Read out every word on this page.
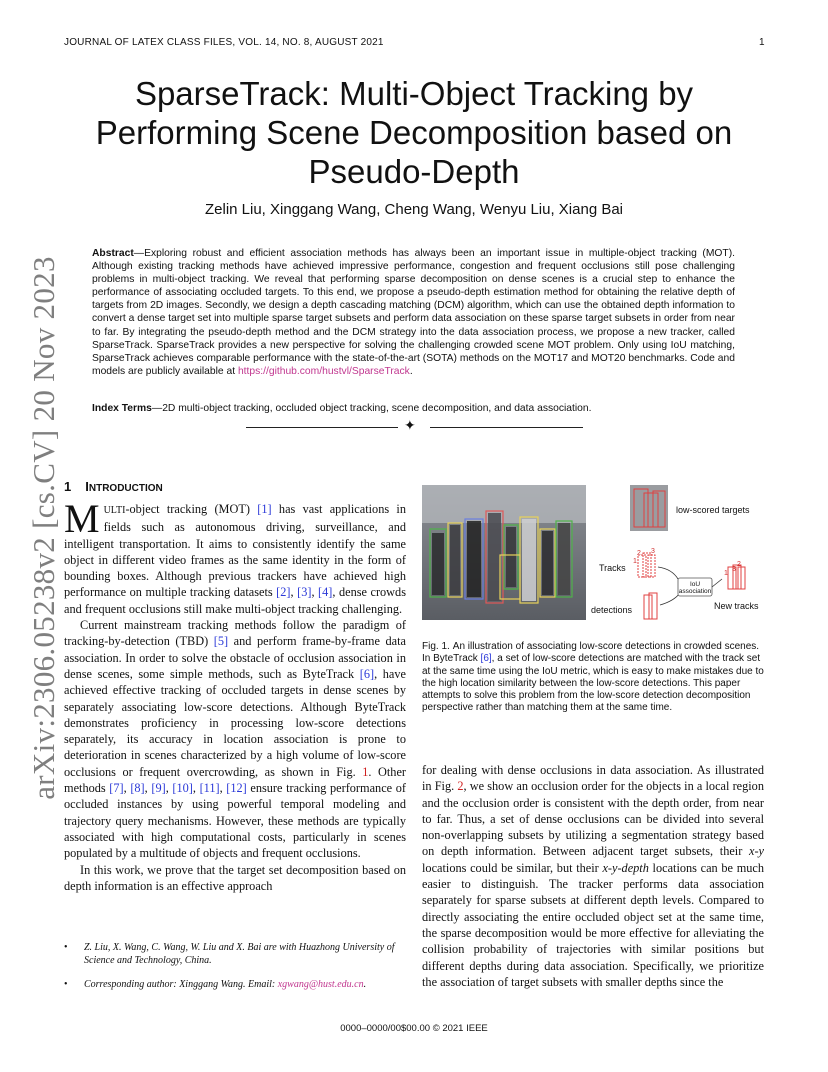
JOURNAL OF LATEX CLASS FILES, VOL. 14, NO. 8, AUGUST 2021	1
arXiv:2306.05238v2 [cs.CV] 20 Nov 2023
SparseTrack: Multi-Object Tracking by Performing Scene Decomposition based on Pseudo-Depth
Zelin Liu, Xinggang Wang, Cheng Wang, Wenyu Liu, Xiang Bai
Abstract—Exploring robust and efficient association methods has always been an important issue in multiple-object tracking (MOT). Although existing tracking methods have achieved impressive performance, congestion and frequent occlusions still pose challenging problems in multi-object tracking. We reveal that performing sparse decomposition on dense scenes is a crucial step to enhance the performance of associating occluded targets. To this end, we propose a pseudo-depth estimation method for obtaining the relative depth of targets from 2D images. Secondly, we design a depth cascading matching (DCM) algorithm, which can use the obtained depth information to convert a dense target set into multiple sparse target subsets and perform data association on these sparse target subsets in order from near to far. By integrating the pseudo-depth method and the DCM strategy into the data association process, we propose a new tracker, called SparseTrack. SparseTrack provides a new perspective for solving the challenging crowded scene MOT problem. Only using IoU matching, SparseTrack achieves comparable performance with the state-of-the-art (SOTA) methods on the MOT17 and MOT20 benchmarks. Code and models are publicly available at https://github.com/hustvl/SparseTrack.
Index Terms—2D multi-object tracking, occluded object tracking, scene decomposition, and data association.
✦
1 INTRODUCTION

MULTI-object tracking (MOT) [1] has vast applications in fields such as autonomous driving, surveillance, and intelligent transportation. It aims to consistently identify the same object in different video frames as the same identity in the form of bounding boxes. Although previous trackers have achieved high performance on multiple tracking datasets [2], [3], [4], dense crowds and frequent occlusions still make multi-object tracking challenging.

Current mainstream tracking methods follow the paradigm of tracking-by-detection (TBD) [5] and perform frame-by-frame data association. In order to solve the obstacle of occlusion association in dense scenes, some simple methods, such as ByteTrack [6], have achieved effective tracking of occluded targets in dense scenes by separately associating low-score detections. Although ByteTrack demonstrates proficiency in processing low-score detections separately, its accuracy in location association is prone to deterioration in scenes characterized by a high volume of low-score occlusions or frequent overcrowding, as shown in Fig. 1. Other methods [7], [8], [9], [10], [11], [12] ensure tracking performance of occluded instances by using powerful temporal modeling and trajectory query mechanisms. However, these methods are typically associated with high computational costs, particularly in scenes populated by a multitude of objects and frequent occlusions.

In this work, we prove that the target set decomposition based on depth information is an effective approach

• Z. Liu, X. Wang, C. Wang, W. Liu and X. Bai are with Huazhong University of Science and Technology, China.
• Corresponding author: Xinggang Wang. Email: xgwang@hust.edu.cn.
low-scored targets
Tracks
2
1
3
detections
IoU
association
2
1
3
New tracks
Fig. 1. An illustration of associating low-score detections in crowded scenes. In ByteTrack [6], a set of low-score detections are matched with the track set at the same time using the IoU metric, which is easy to make mistakes due to the high location similarity between the low-score detections. This paper attempts to solve this problem from the low-score detection decomposition perspective rather than matching them at the same time.

for dealing with dense occlusions in data association. As illustrated in Fig. 2, we show an occlusion order for the objects in a local region and the occlusion order is consistent with the depth order, from near to far. Thus, a set of dense occlusions can be divided into several non-overlapping subsets by utilizing a segmentation strategy based on depth information. Between adjacent target subsets, their x-y locations could be similar, but their x-y-depth locations can be much easier to distinguish. The tracker performs data association separately for sparse subsets at different depth levels. Compared to directly associating the entire occluded object set at the same time, the sparse decomposition would be more effective for alleviating the collision probability of trajectories with similar positions but different depths during data association. Specifically, we prioritize the association of target subsets with smaller depths since the

0000–0000/00$00.00 © 2021 IEEE
